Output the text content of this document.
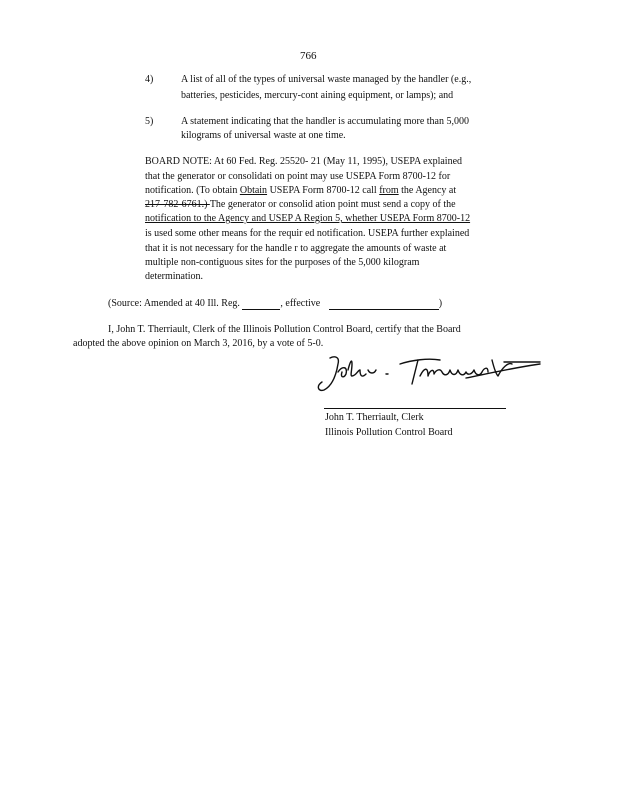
766
4)	A list of all of the types of universal waste managed by the handler (e.g.,
batteries, pesticides, mercury-cont aining equipment, or lamps); and
5)	A statement indicating that the handler is accumulating more than 5,000
kilograms of universal waste at one time.
BOARD NOTE: At 60 Fed. Reg. 25520- 21 (May 11, 1995), USEPA explained
that the generator or consolidati on point may use USEPA Form 8700-12 for
notification. (To obtain Obtain USEPA Form 8700-12 call from the Agency at
217-782-6761.) The generator or consolid ation point must send a copy of the
notification to the Agency and USEP A Region 5, whether USEPA Form 8700-12
is used some other means for the requir ed notification. USEPA further explained
that it is not necessary for the handle r to aggregate the amounts of waste at
multiple non-contiguous sites for the purposes of the 5,000 kilogram
determination.
(Source: Amended at 40 Ill. Reg.	, effective	)
I, John T. Therriault, Clerk of the Illinois Pollution Control Board, certify that the Board
adopted the above opinion on March 3, 2016, by a vote of 5-0.
John T. Therriault, Clerk
Illinois Pollution Control Board
